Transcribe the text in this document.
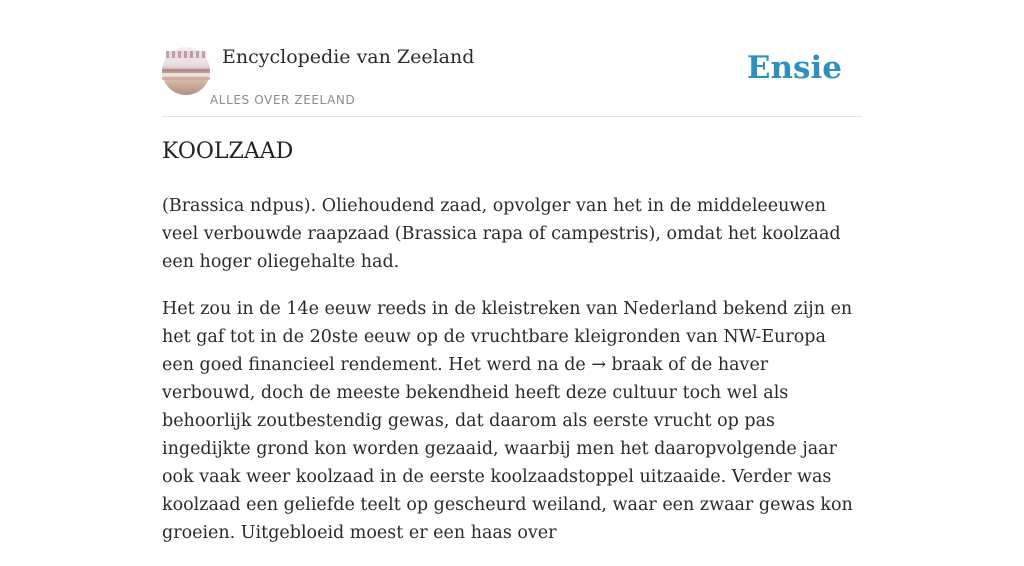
Encyclopedie van Zeeland
ALLES OVER ZEELAND
Ensie
KOOLZAAD

(Brassica ndpus). Oliehoudend zaad, opvolger van het in de middeleeuwen veel verbouwde raapzaad (Brassica rapa of campestris), omdat het koolzaad een hoger oliegehalte had.

Het zou in de 14e eeuw reeds in de kleistreken van Nederland bekend zijn en het gaf tot in de 20ste eeuw op de vruchtbare kleigronden van NW-Europa een goed financieel rendement. Het werd na de → braak of de haver verbouwd, doch de meeste bekendheid heeft deze cultuur toch wel als behoorlijk zoutbestendig gewas, dat daarom als eerste vrucht op pas ingedijkte grond kon worden gezaaid, waarbij men het daaropvolgende jaar ook vaak weer koolzaad in de eerste koolzaadstoppel uitzaaide. Verder was koolzaad een geliefde teelt op gescheurd weiland, waar een zwaar gewas kon groeien. Uitgebloeid moest er een haas over
